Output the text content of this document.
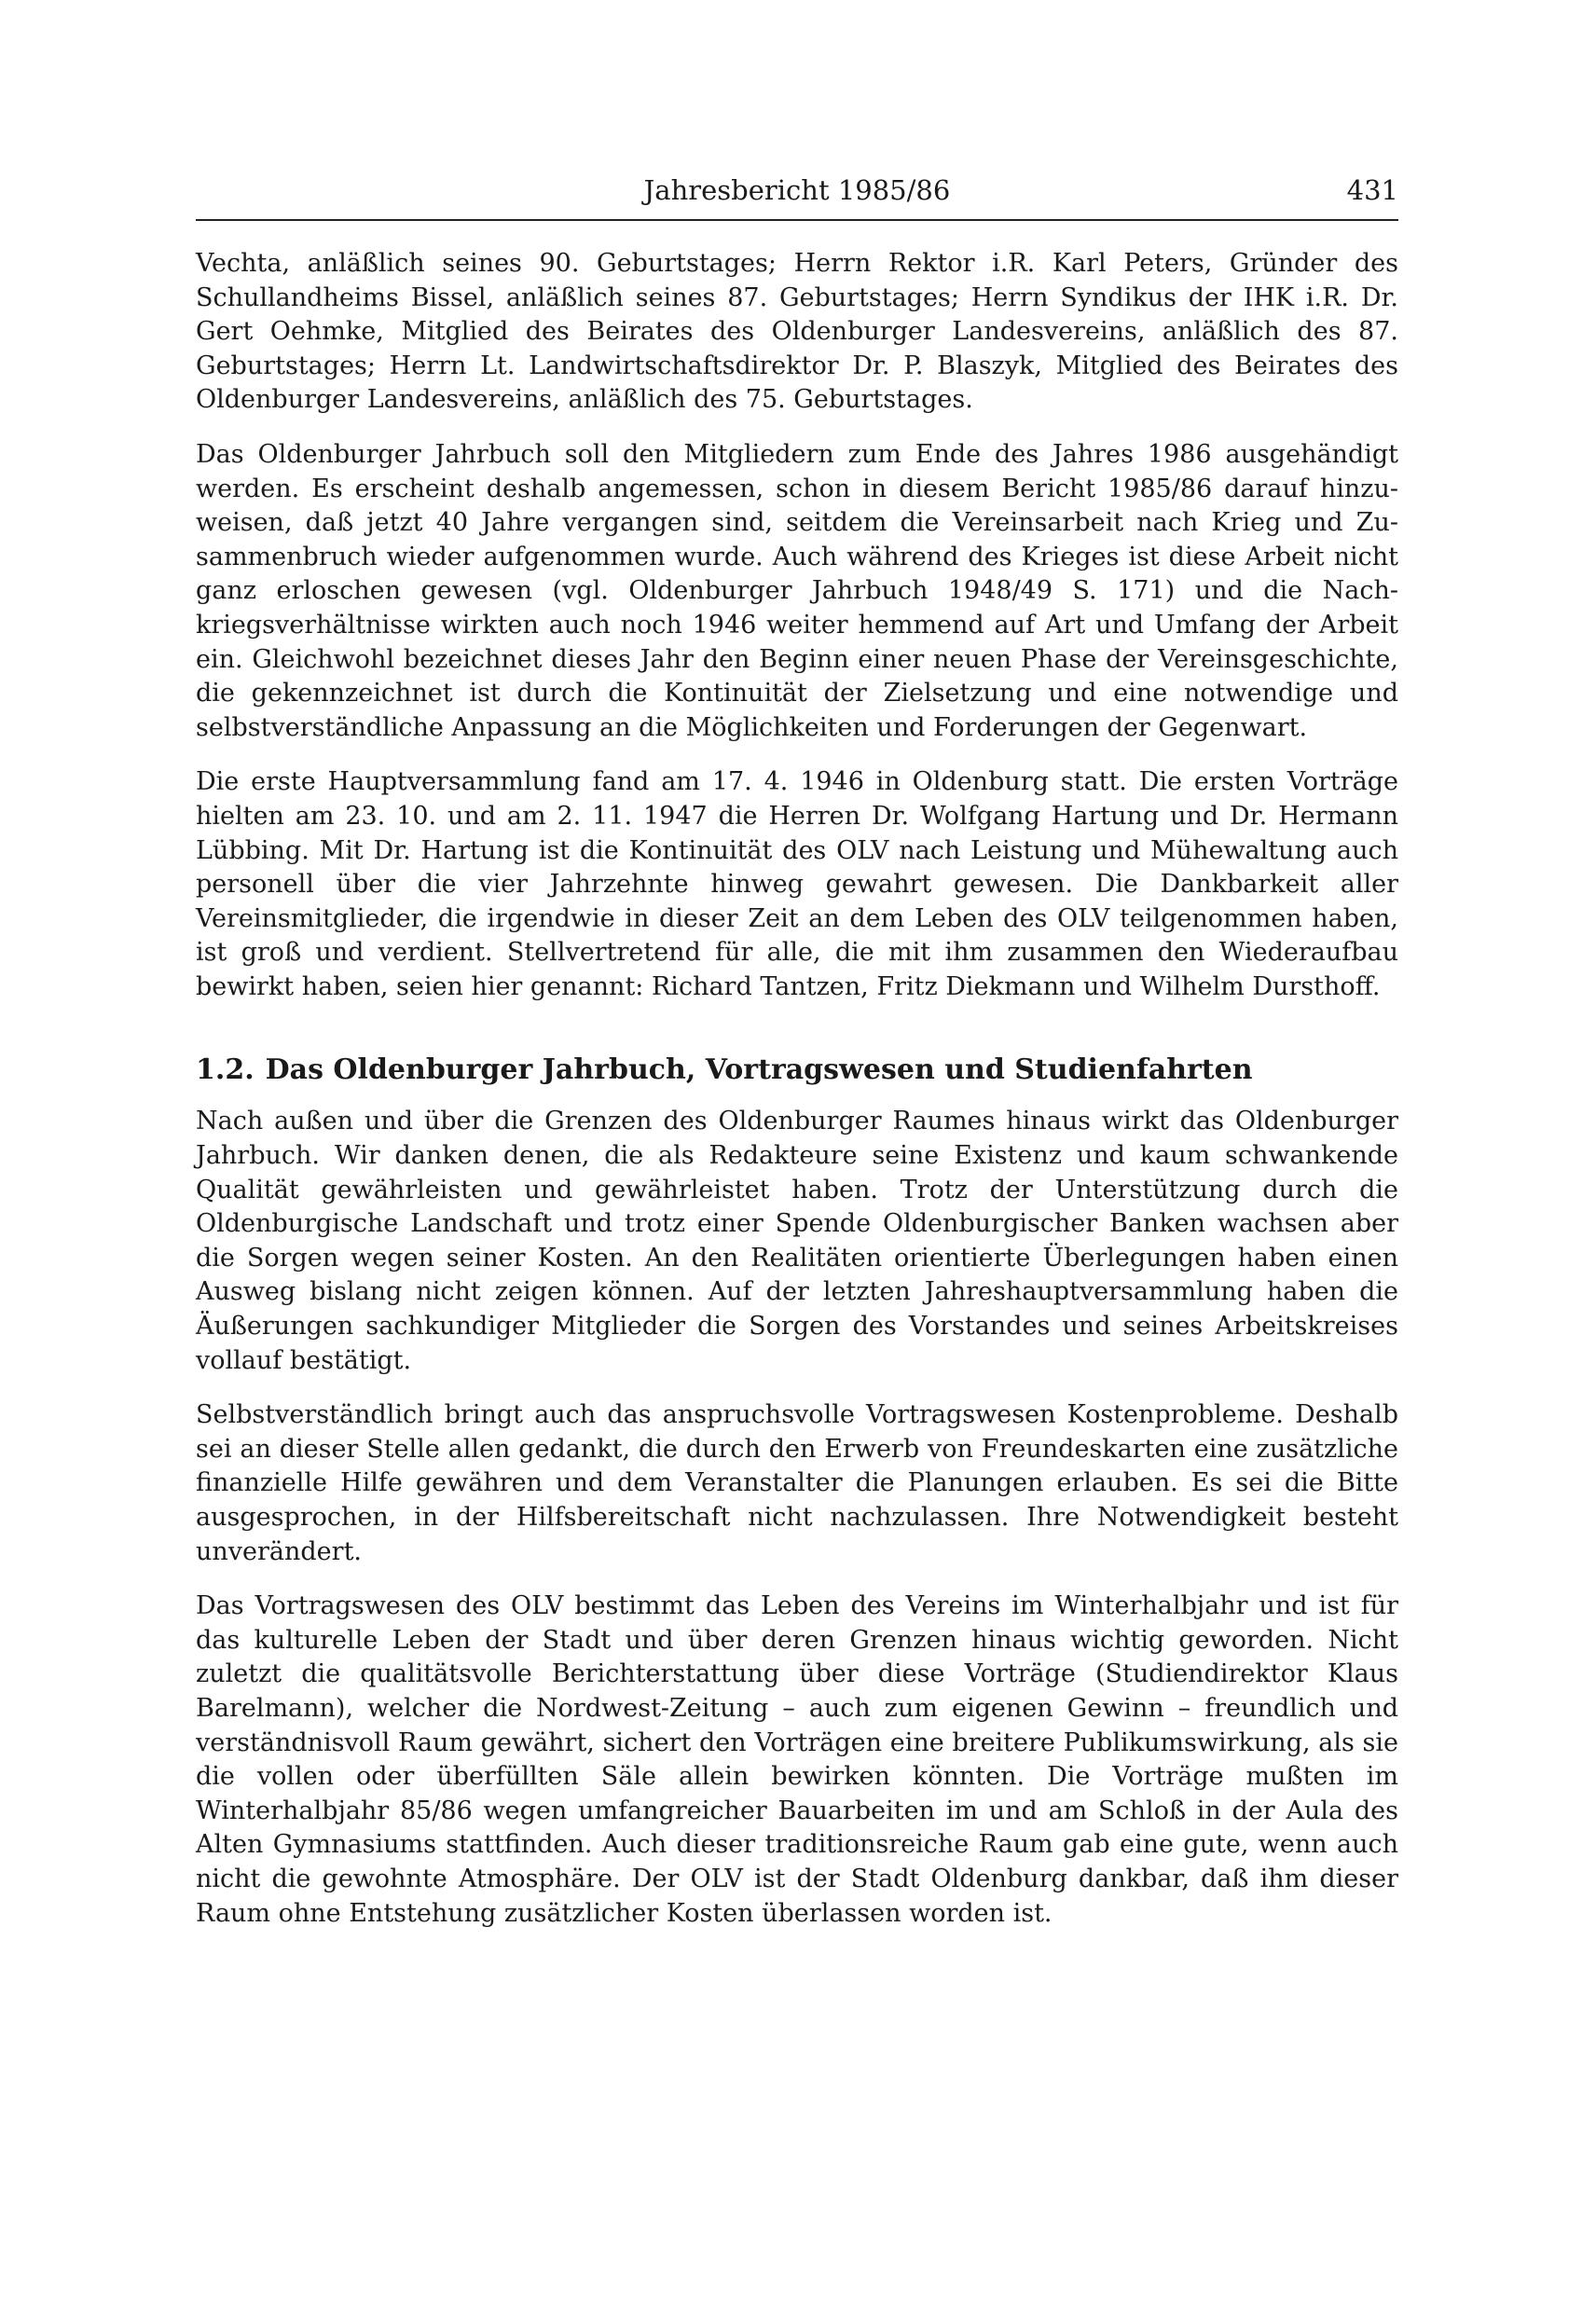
Jahresbericht 1985/86	431

Vechta, anläßlich seines 90. Geburtstages; Herrn Rektor i.R. Karl Peters, Gründer des Schullandheims Bissel, anläßlich seines 87. Geburtstages; Herrn Syndikus der IHK i.R. Dr. Gert Oehmke, Mitglied des Beirates des Oldenburger Landesvereins, anläßlich des 87. Geburtstages; Herrn Lt. Landwirtschaftsdirektor Dr. P. Blaszyk, Mitglied des Beirates des Oldenburger Landesvereins, anläßlich des 75. Geburtstages.

Das Oldenburger Jahrbuch soll den Mitgliedern zum Ende des Jahres 1986 ausgehändigt werden. Es erscheint deshalb angemessen, schon in diesem Bericht 1985/86 darauf hinzuweisen, daß jetzt 40 Jahre vergangen sind, seitdem die Vereinsarbeit nach Krieg und Zusammenbruch wieder aufgenommen wurde. Auch während des Krieges ist diese Arbeit nicht ganz erloschen gewesen (vgl. Oldenburger Jahrbuch 1948/49 S. 171) und die Nachkriegsverhältnisse wirkten auch noch 1946 weiter hemmend auf Art und Umfang der Arbeit ein. Gleichwohl bezeichnet dieses Jahr den Beginn einer neuen Phase der Vereinsgeschichte, die gekennzeichnet ist durch die Kontinuität der Zielsetzung und eine notwendige und selbstverständliche Anpassung an die Möglichkeiten und Forderungen der Gegenwart.

Die erste Hauptversammlung fand am 17. 4. 1946 in Oldenburg statt. Die ersten Vorträge hielten am 23. 10. und am 2. 11. 1947 die Herren Dr. Wolfgang Hartung und Dr. Hermann Lübbing. Mit Dr. Hartung ist die Kontinuität des OLV nach Leistung und Mühewaltung auch personell über die vier Jahrzehnte hinweg gewahrt gewesen. Die Dankbarkeit aller Vereinsmitglieder, die irgendwie in dieser Zeit an dem Leben des OLV teilgenommen haben, ist groß und verdient. Stellvertretend für alle, die mit ihm zusammen den Wiederaufbau bewirkt haben, seien hier genannt: Richard Tantzen, Fritz Diekmann und Wilhelm Dursthoff.

1.2. Das Oldenburger Jahrbuch, Vortragswesen und Studienfahrten

Nach außen und über die Grenzen des Oldenburger Raumes hinaus wirkt das Oldenburger Jahrbuch. Wir danken denen, die als Redakteure seine Existenz und kaum schwankende Qualität gewährleisten und gewährleistet haben. Trotz der Unterstützung durch die Oldenburgische Landschaft und trotz einer Spende Oldenburgischer Banken wachsen aber die Sorgen wegen seiner Kosten. An den Realitäten orientierte Überlegungen haben einen Ausweg bislang nicht zeigen können. Auf der letzten Jahreshauptversammlung haben die Äußerungen sachkundiger Mitglieder die Sorgen des Vorstandes und seines Arbeitskreises vollauf bestätigt.

Selbstverständlich bringt auch das anspruchsvolle Vortragswesen Kostenprobleme. Deshalb sei an dieser Stelle allen gedankt, die durch den Erwerb von Freundeskarten eine zusätzliche finanzielle Hilfe gewähren und dem Veranstalter die Planungen erlauben. Es sei die Bitte ausgesprochen, in der Hilfsbereitschaft nicht nachzulassen. Ihre Notwendigkeit besteht unverändert.

Das Vortragswesen des OLV bestimmt das Leben des Vereins im Winterhalbjahr und ist für das kulturelle Leben der Stadt und über deren Grenzen hinaus wichtig geworden. Nicht zuletzt die qualitätsvolle Berichterstattung über diese Vorträge (Studiendirektor Klaus Barelmann), welcher die Nordwest-Zeitung – auch zum eigenen Gewinn – freundlich und verständnisvoll Raum gewährt, sichert den Vorträgen eine breitere Publikumswirkung, als sie die vollen oder überfüllten Säle allein bewirken könnten. Die Vorträge mußten im Winterhalbjahr 85/86 wegen umfangreicher Bauarbeiten im und am Schloß in der Aula des Alten Gymnasiums stattfinden. Auch dieser traditionsreiche Raum gab eine gute, wenn auch nicht die gewohnte Atmosphäre. Der OLV ist der Stadt Oldenburg dankbar, daß ihm dieser Raum ohne Entstehung zusätzlicher Kosten überlassen worden ist.
